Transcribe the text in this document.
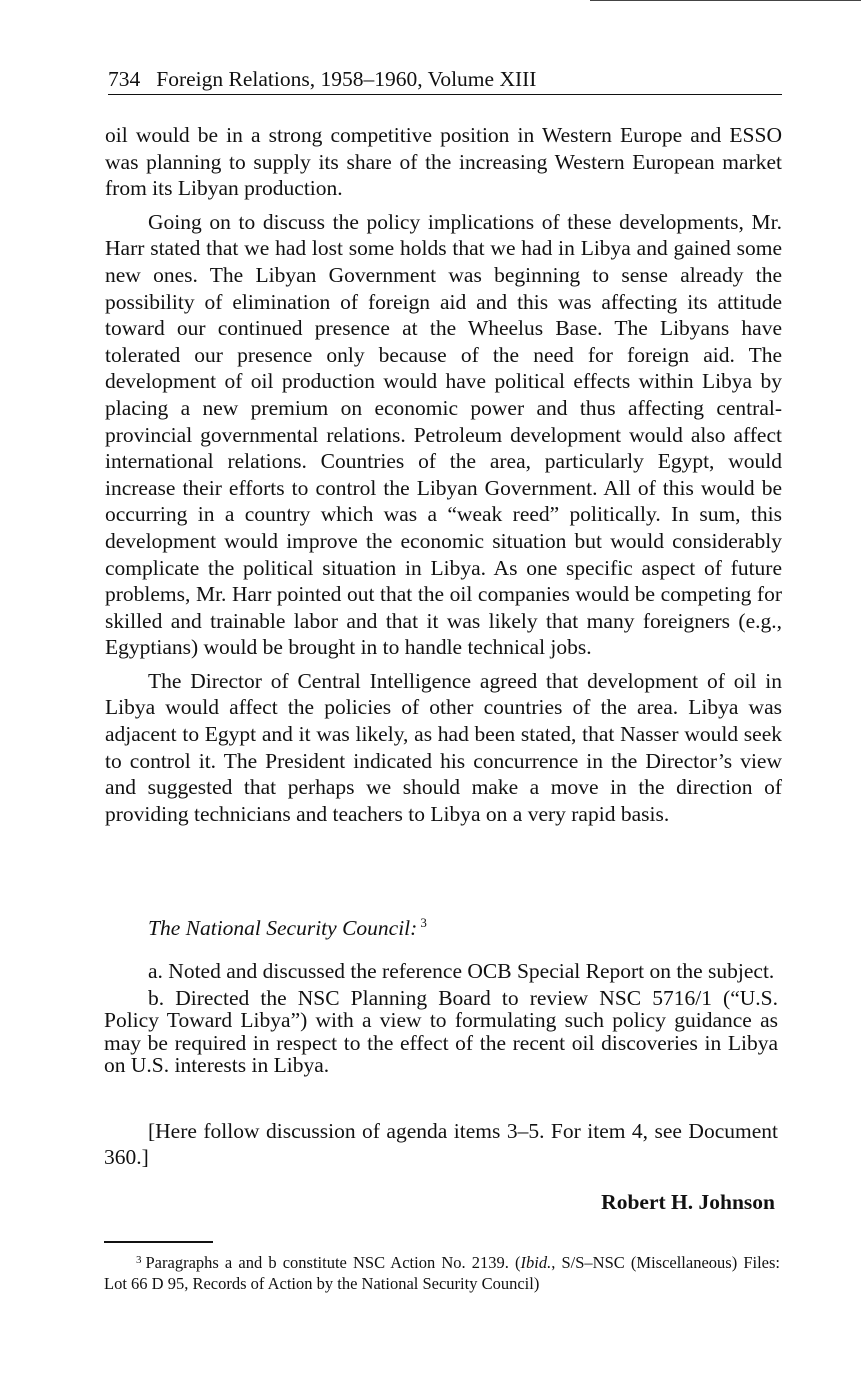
734 Foreign Relations, 1958–1960, Volume XIII

oil would be in a strong competitive position in Western Europe and ESSO was planning to supply its share of the increasing Western European market from its Libyan production.

Going on to discuss the policy implications of these developments, Mr. Harr stated that we had lost some holds that we had in Libya and gained some new ones. The Libyan Government was beginning to sense already the possibility of elimination of foreign aid and this was affecting its attitude toward our continued presence at the Wheelus Base. The Libyans have tolerated our presence only because of the need for foreign aid. The development of oil production would have political effects within Libya by placing a new premium on economic power and thus affecting central-provincial governmental relations. Petroleum development would also affect international relations. Countries of the area, particularly Egypt, would increase their efforts to control the Libyan Government. All of this would be occurring in a country which was a “weak reed” politically. In sum, this development would improve the economic situation but would considerably complicate the political situation in Libya. As one specific aspect of future problems, Mr. Harr pointed out that the oil companies would be competing for skilled and trainable labor and that it was likely that many foreigners (e.g., Egyptians) would be brought in to handle technical jobs.

The Director of Central Intelligence agreed that development of oil in Libya would affect the policies of other countries of the area. Libya was adjacent to Egypt and it was likely, as had been stated, that Nasser would seek to control it. The President indicated his concurrence in the Director’s view and suggested that perhaps we should make a move in the direction of providing technicians and teachers to Libya on a very rapid basis.

The National Security Council: $^3$

a. Noted and discussed the reference OCB Special Report on the subject.

b. Directed the NSC Planning Board to review NSC 5716/1 (“U.S. Policy Toward Libya”) with a view to formulating such policy guidance as may be required in respect to the effect of the recent oil discoveries in Libya on U.S. interests in Libya.

[Here follow discussion of agenda items 3–5. For item 4, see Document 360.]

Robert H. Johnson

$^3$ Paragraphs a and b constitute NSC Action No. 2139. (Ibid., S/S–NSC (Miscellaneous) Files: Lot 66 D 95, Records of Action by the National Security Council)
